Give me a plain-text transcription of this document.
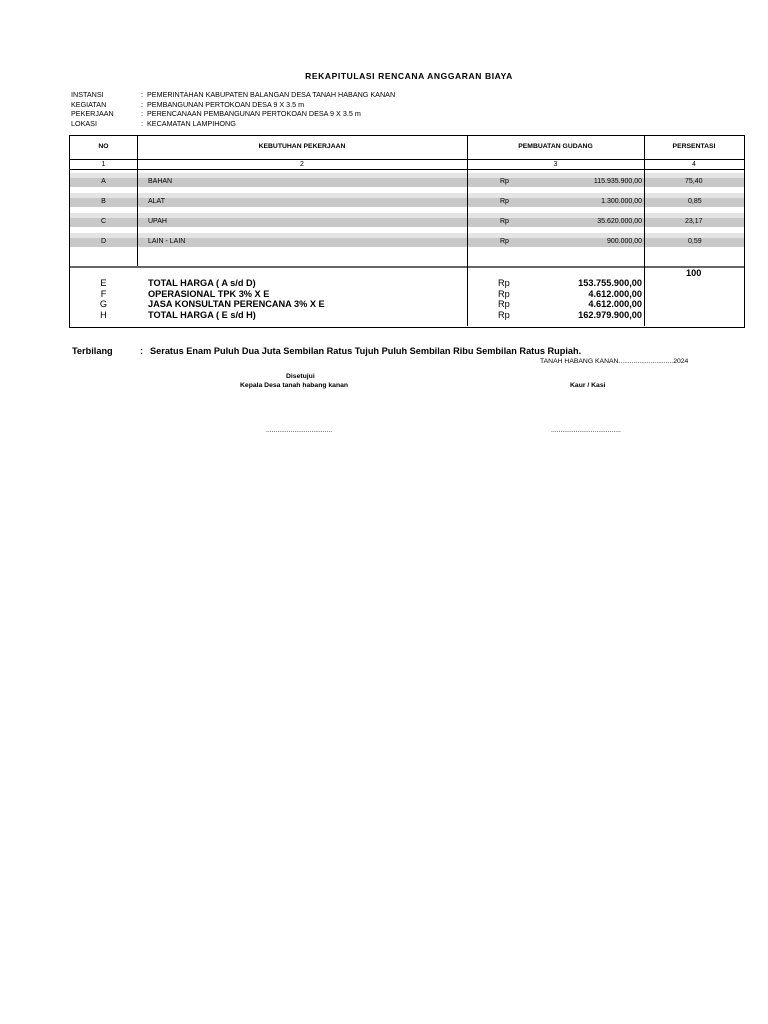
REKAPITULASI RENCANA ANGGARAN BIAYA
INSTANSI	: PEMERINTAHAN KABUPATEN BALANGAN DESA TANAH HABANG KANAN
KEGIATAN	: PEMBANGUNAN PERTOKOAN DESA 9 X 3.5 m
PEKERJAAN	: PERENCANAAN PEMBANGUNAN PERTOKOAN DESA 9 X 3.5 m
LOKASI	: KECAMATAN LAMPIHONG
NO	KEBUTUHAN PEKERJAAN	PEMBUATAN GUDANG	PERSENTASI
1	2	3	4
A	BAHAN	Rp	115.935.900,00	75,40
B	ALAT	Rp	1.300.000,00	0,85
C	UPAH	Rp	35.620.000,00	23,17
D	LAIN - LAIN	Rp	900.000,00	0,59
100
E	TOTAL HARGA ( A s/d D)	Rp	153.755.900,00
F	OPERASIONAL TPK 3% X E	Rp	4.612.000,00
G	JASA KONSULTAN PERENCANA 3% X E	Rp	4.612.000,00
H	TOTAL HARGA ( E s/d H)	Rp	162.979.900,00
Terbilang	: Seratus Enam Puluh Dua Juta Sembilan Ratus Tujuh Puluh Sembilan Ribu Sembilan Ratus Rupiah.
TANAH HABANG KANAN.............................2024
Disetujui
Kepala Desa tanah habang kanan	Kaur / Kasi
...................................	.....................................
